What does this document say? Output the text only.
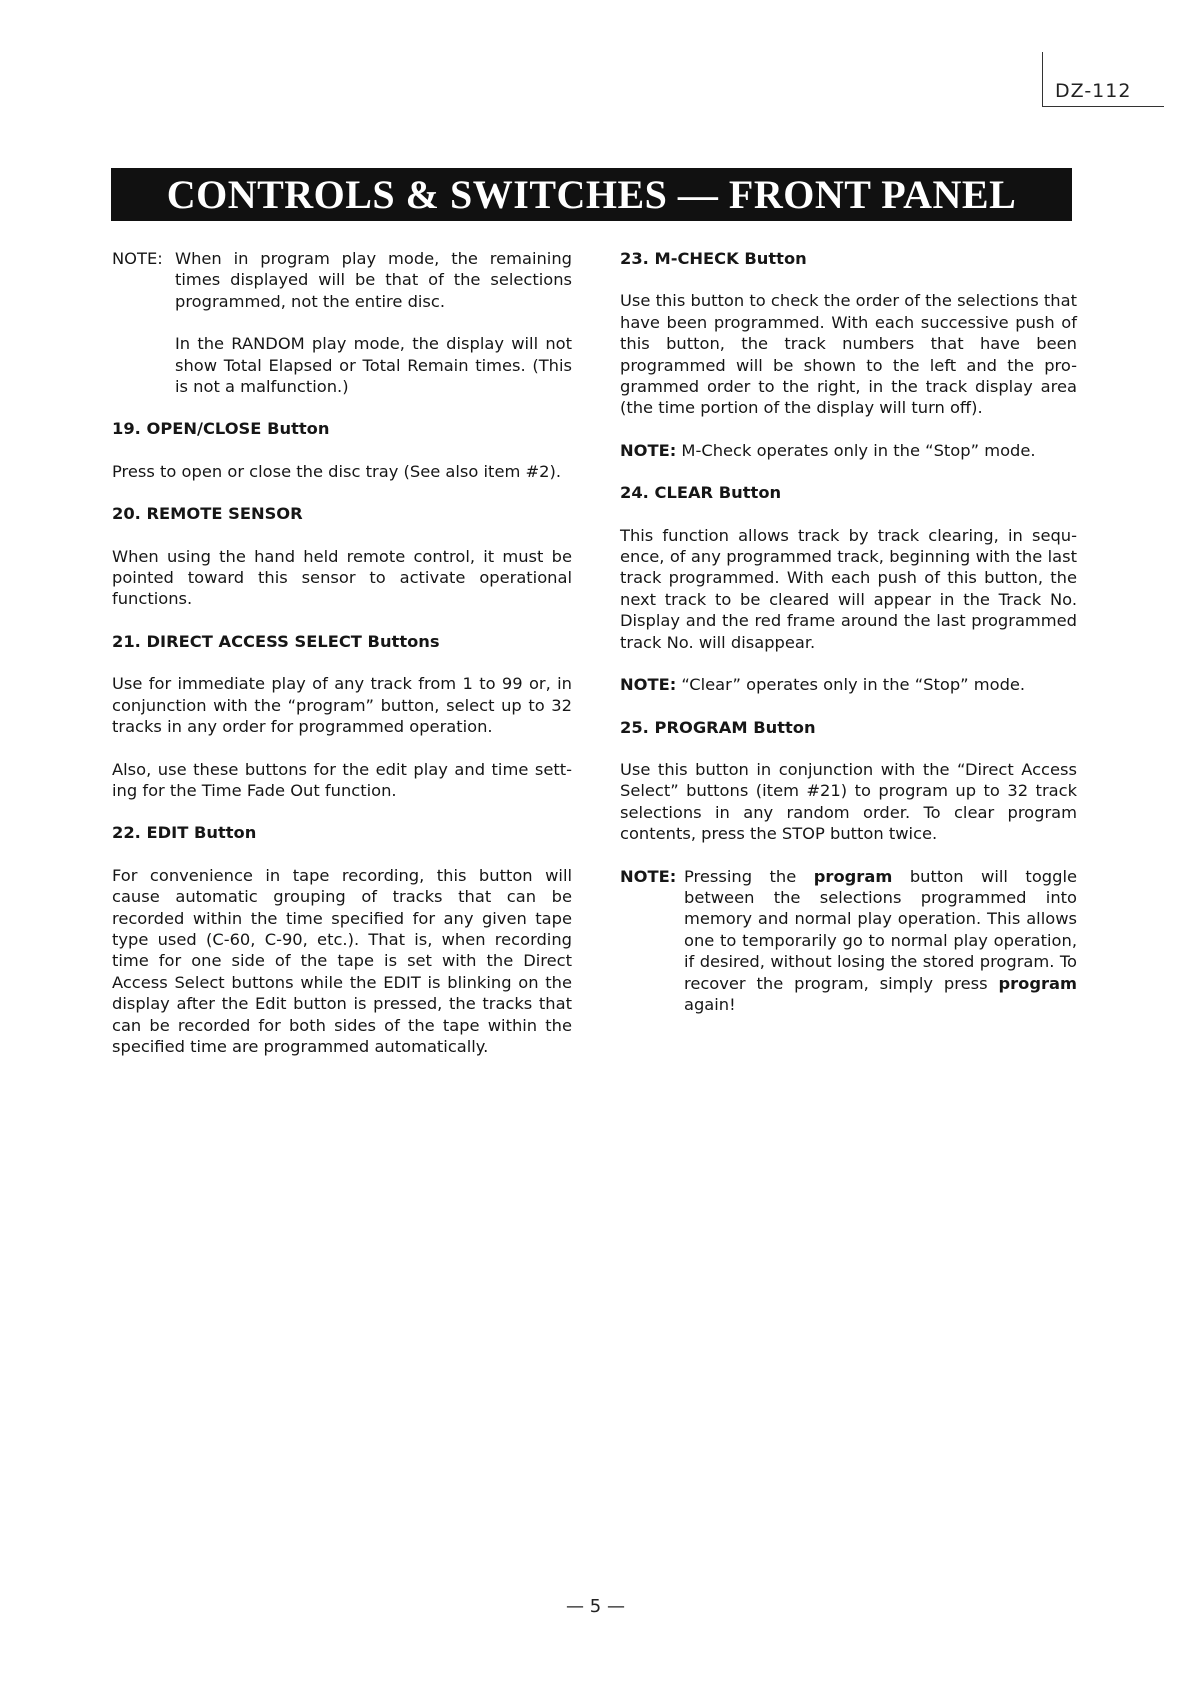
DZ-112
CONTROLS & SWITCHES — FRONT PANEL
NOTE: When in program play mode, the remaining times displayed will be that of the selections programmed, not the entire disc.
In the RANDOM play mode, the display will not show Total Elapsed or Total Remain times. (This is not a malfunction.)
19. OPEN/CLOSE Button
Press to open or close the disc tray (See also item #2).
20. REMOTE SENSOR
When using the hand held remote control, it must be pointed toward this sensor to activate operational functions.
21. DIRECT ACCESS SELECT Buttons
Use for immediate play of any track from 1 to 99 or, in conjunction with the “program” button, select up to 32 tracks in any order for programmed operation.
Also, use these buttons for the edit play and time sett-ing for the Time Fade Out function.
22. EDIT Button
For convenience in tape recording, this button will cause automatic grouping of tracks that can be recorded within the time specified for any given tape type used (C-60, C-90, etc.). That is, when recording time for one side of the tape is set with the Direct Access Select buttons while the EDIT is blinking on the display after the Edit button is pressed, the tracks that can be recorded for both sides of the tape within the specified time are programmed automatically.
23. M-CHECK Button
Use this button to check the order of the selections that have been programmed. With each successive push of this button, the track numbers that have been programmed will be shown to the left and the pro-grammed order to the right, in the track display area (the time portion of the display will turn off).
NOTE: M-Check operates only in the “Stop” mode.
24. CLEAR Button
This function allows track by track clearing, in sequ-ence, of any programmed track, beginning with the last track programmed. With each push of this button, the next track to be cleared will appear in the Track No. Display and the red frame around the last programmed track No. will disappear.
NOTE: “Clear” operates only in the “Stop” mode.
25. PROGRAM Button
Use this button in conjunction with the “Direct Access Select” buttons (item #21) to program up to 32 track selections in any random order. To clear program contents, press the STOP button twice.
NOTE: Pressing the program button will toggle between the selections programmed into memory and normal play operation. This allows one to temporarily go to normal play operation, if desired, without losing the stored program. To recover the program, simply press program again!
— 5 —
